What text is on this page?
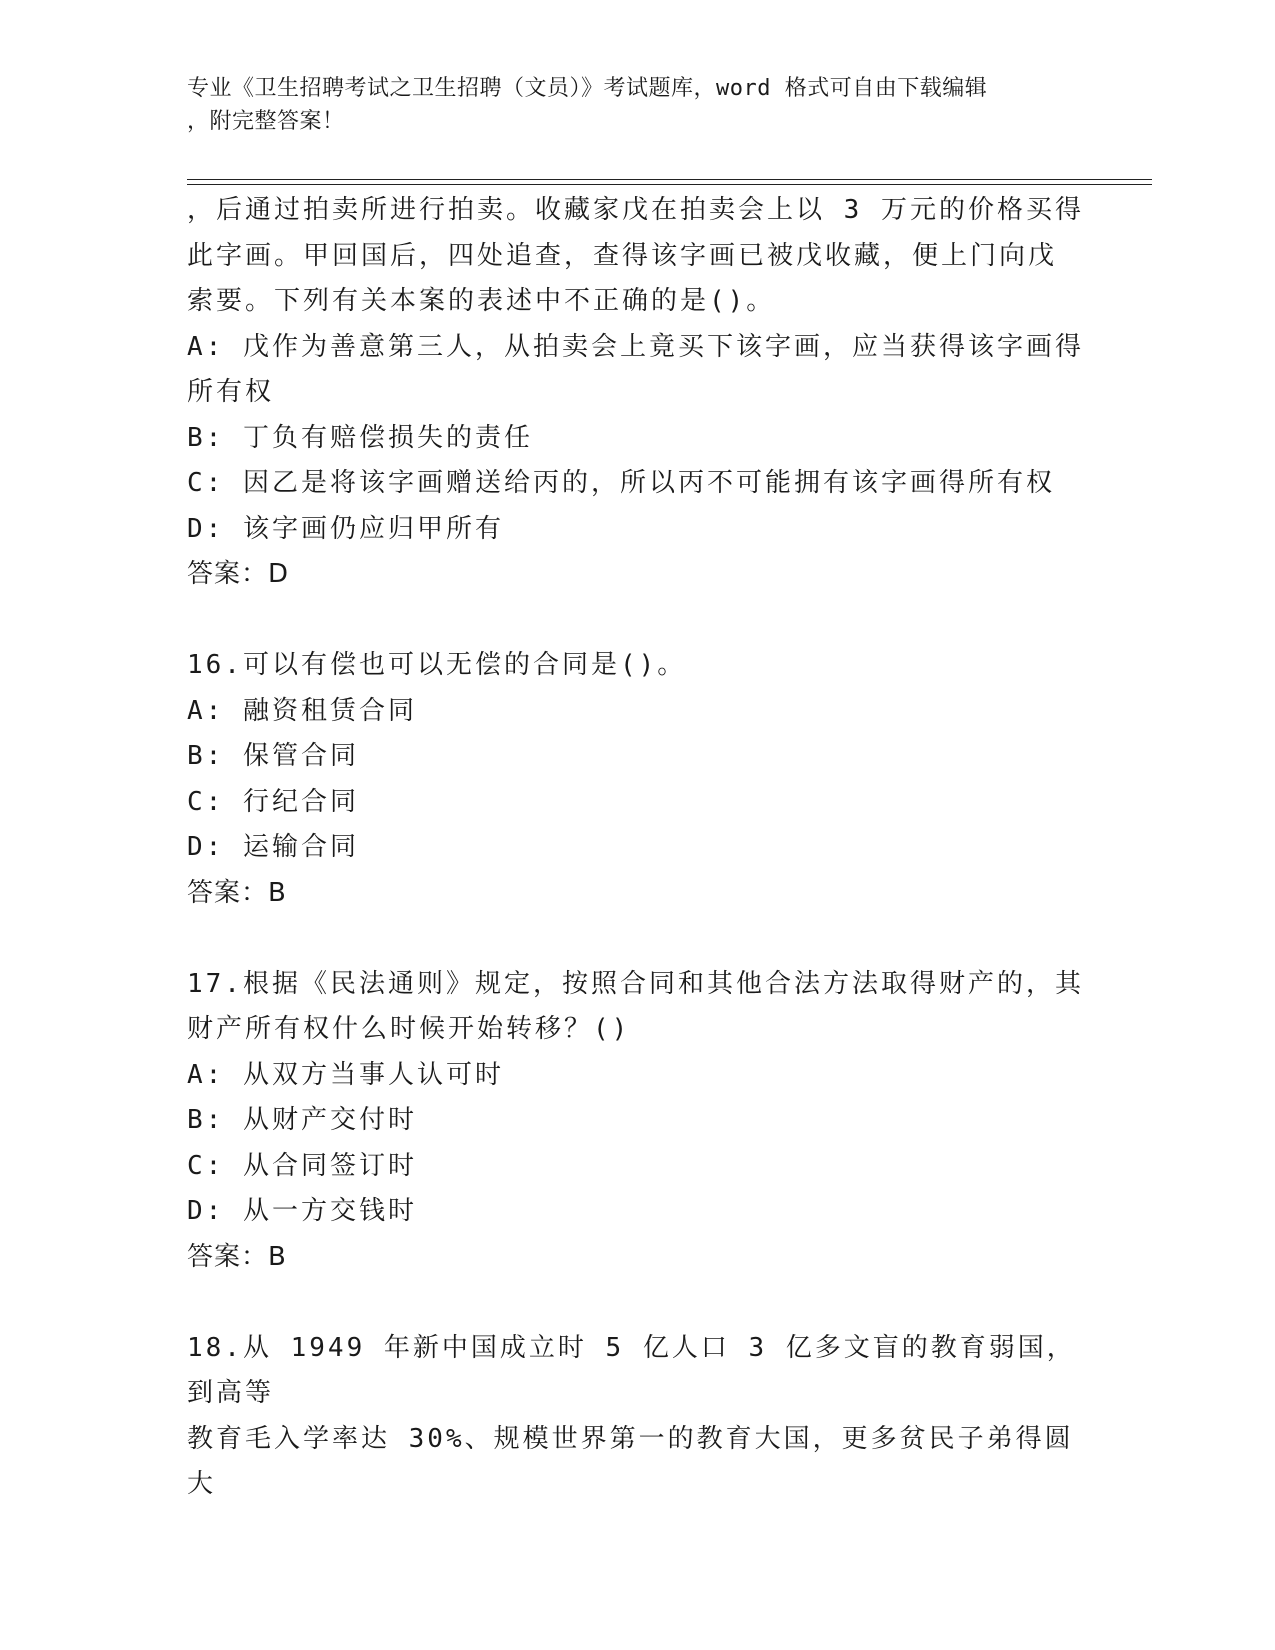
专业《卫生招聘考试之卫生招聘（文员）》考试题库，word 格式可自由下载编辑
，附完整答案！

，后通过拍卖所进行拍卖。收藏家戊在拍卖会上以 3 万元的价格买得

此字画。甲回国后，四处追查，查得该字画已被戊收藏，便上门向戊

索要。下列有关本案的表述中不正确的是()。

A: 戊作为善意第三人，从拍卖会上竟买下该字画，应当获得该字画得

所有权

B: 丁负有赔偿损失的责任

C: 因乙是将该字画赠送给丙的，所以丙不可能拥有该字画得所有权

D: 该字画仍应归甲所有

答案：D

16.可以有偿也可以无偿的合同是()。

A: 融资租赁合同

B: 保管合同

C: 行纪合同

D: 运输合同

答案：B

17.根据《民法通则》规定，按照合同和其他合法方法取得财产的，其

财产所有权什么时候开始转移？()

A: 从双方当事人认可时

B: 从财产交付时

C: 从合同签订时

D: 从一方交钱时

答案：B

18.从 1949 年新中国成立时 5 亿人口 3 亿多文盲的教育弱国，到高等

教育毛入学率达 30%、规模世界第一的教育大国，更多贫民子弟得圆大
